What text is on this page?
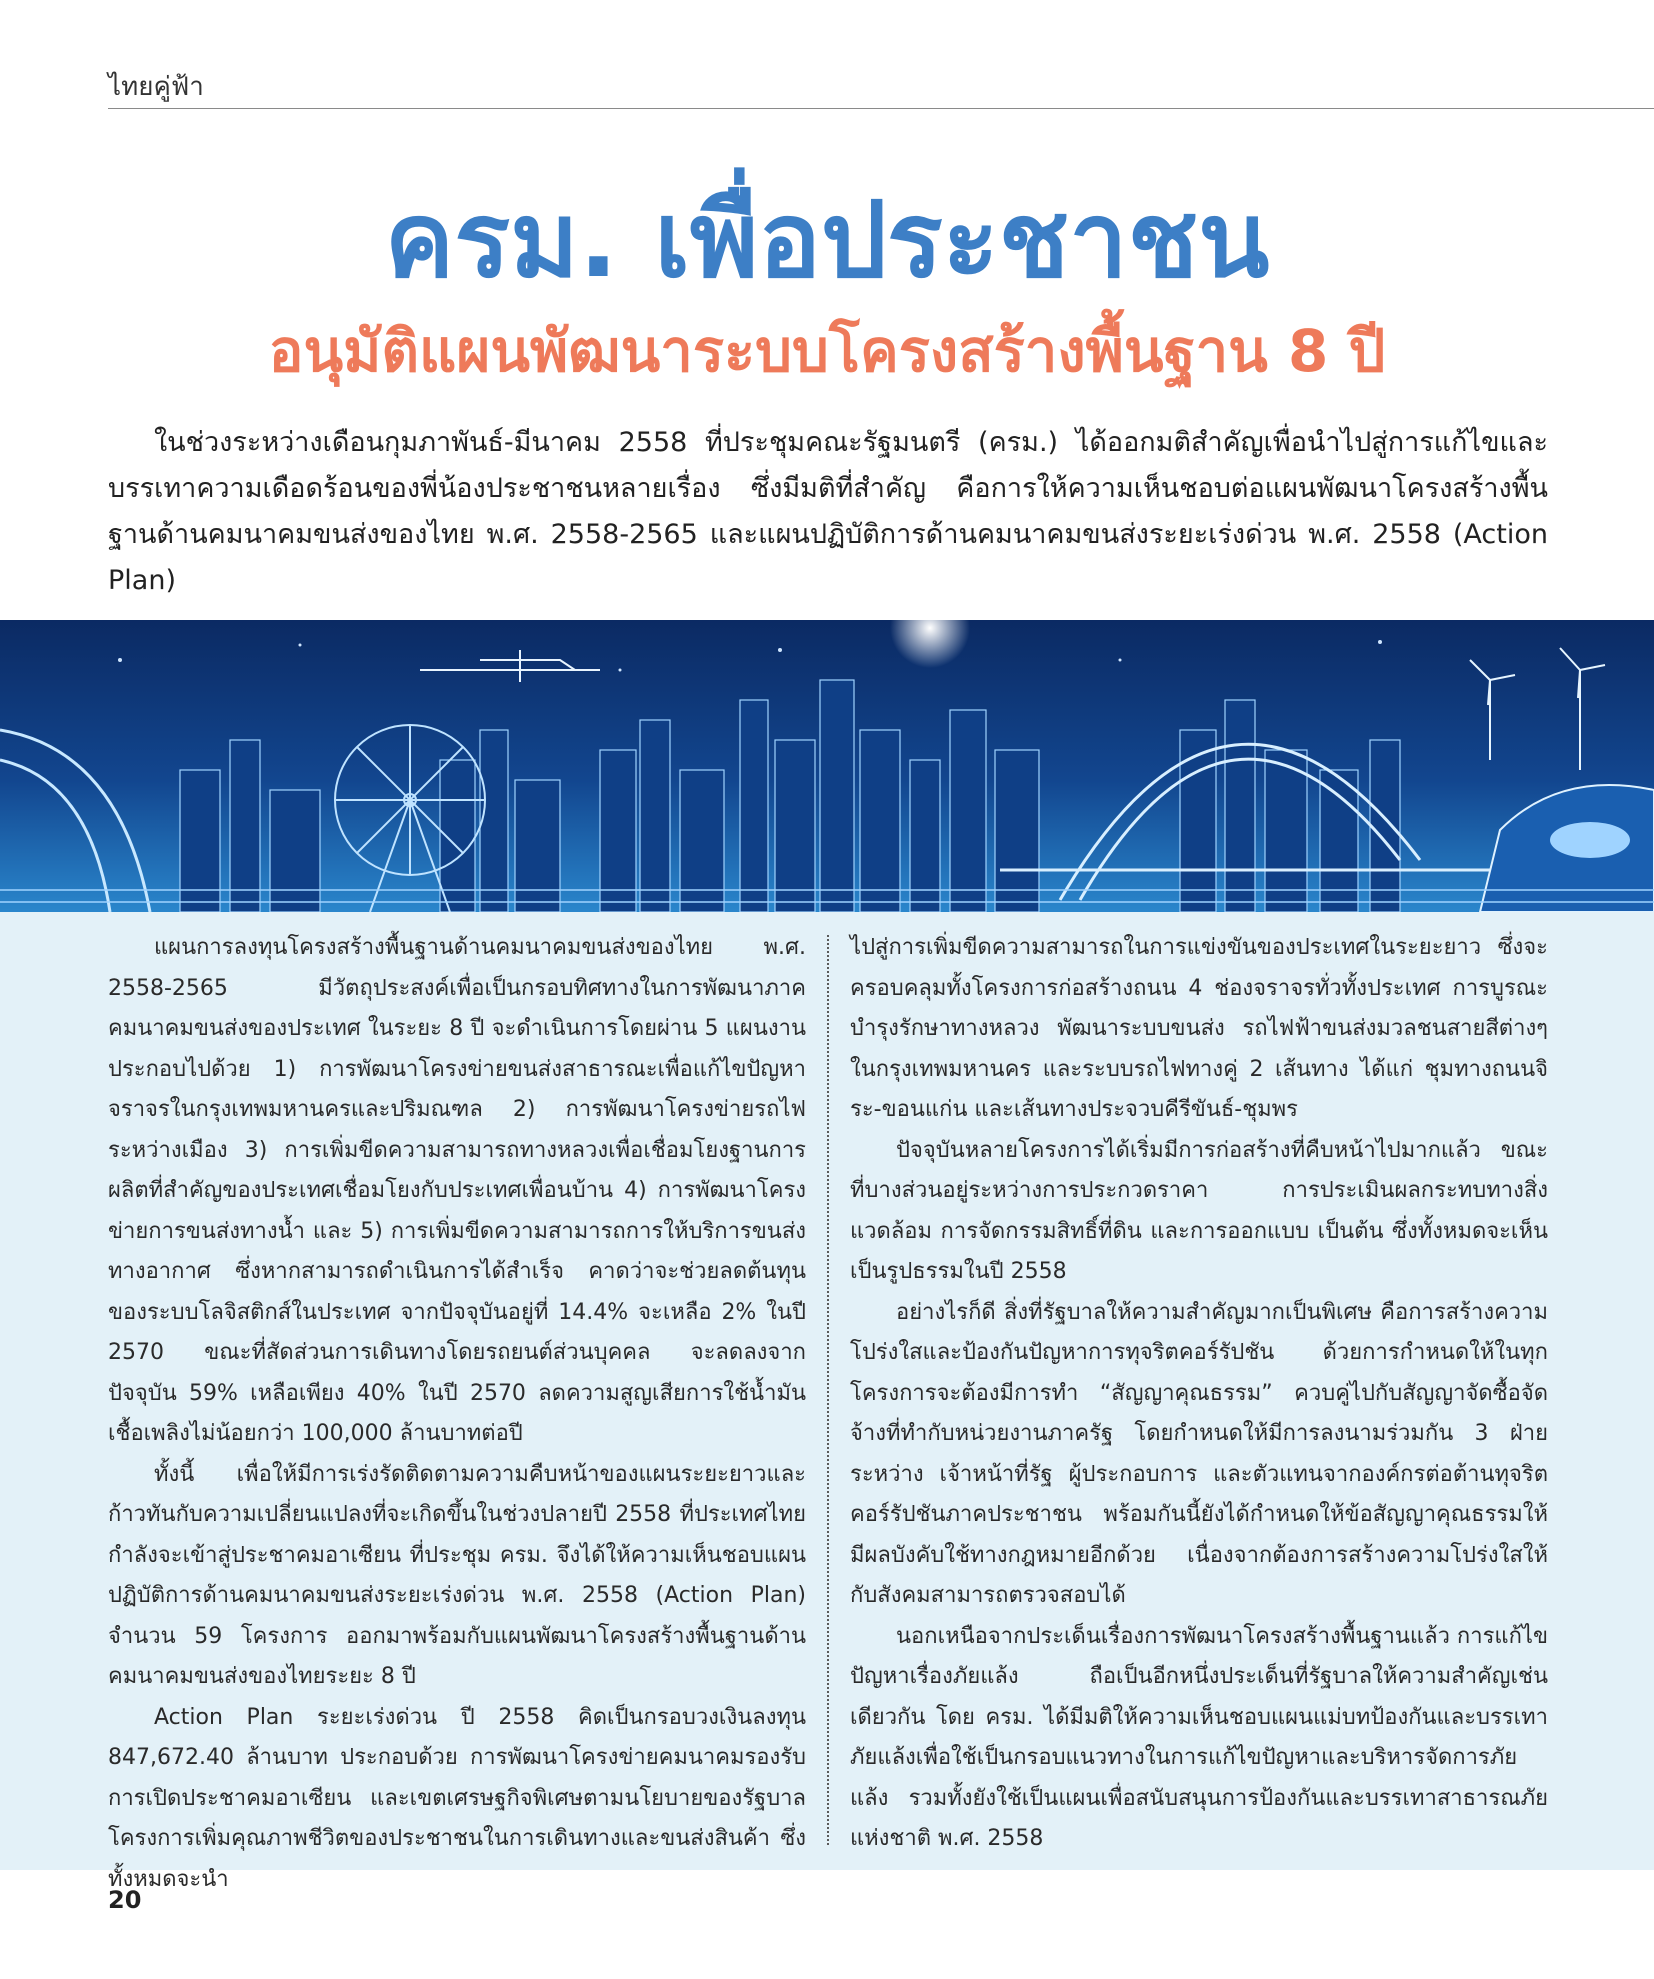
ไทยคู่ฟ้า
ครม. เพื่อประชาชน
อนุมัติแผนพัฒนาระบบโครงสร้างพื้นฐาน 8 ปี

ในช่วงระหว่างเดือนกุมภาพันธ์-มีนาคม 2558 ที่ประชุมคณะรัฐมนตรี (ครม.) ได้ออกมติสำคัญเพื่อนำไปสู่การแก้ไขและบรรเทาความเดือดร้อนของพี่น้องประชาชนหลายเรื่อง ซึ่งมีมติที่สำคัญ คือการให้ความเห็นชอบต่อแผนพัฒนาโครงสร้างพื้นฐานด้านคมนาคมขนส่งของไทย พ.ศ. 2558-2565 และแผนปฏิบัติการด้านคมนาคมขนส่งระยะเร่งด่วน พ.ศ. 2558 (Action Plan)

แผนการลงทุนโครงสร้างพื้นฐานด้านคมนาคมขนส่งของไทย พ.ศ. 2558-2565 มีวัตถุประสงค์เพื่อเป็นกรอบทิศทางในการพัฒนาภาคคมนาคมขนส่งของประเทศ ในระยะ 8 ปี จะดำเนินการโดยผ่าน 5 แผนงาน ประกอบไปด้วย 1) การพัฒนาโครงข่ายขนส่งสาธารณะเพื่อแก้ไขปัญหาจราจรในกรุงเทพมหานครและปริมณฑล 2) การพัฒนาโครงข่ายรถไฟระหว่างเมือง 3) การเพิ่มขีดความสามารถทางหลวงเพื่อเชื่อมโยงฐานการผลิตที่สำคัญของประเทศเชื่อมโยงกับประเทศเพื่อนบ้าน 4) การพัฒนาโครงข่ายการขนส่งทางน้ำ และ 5) การเพิ่มขีดความสามารถการให้บริการขนส่งทางอากาศ ซึ่งหากสามารถดำเนินการได้สำเร็จ คาดว่าจะช่วยลดต้นทุนของระบบโลจิสติกส์ในประเทศ จากปัจจุบันอยู่ที่ 14.4% จะเหลือ 2% ในปี 2570 ขณะที่สัดส่วนการเดินทางโดยรถยนต์ส่วนบุคคล จะลดลงจากปัจจุบัน 59% เหลือเพียง 40% ในปี 2570 ลดความสูญเสียการใช้น้ำมันเชื้อเพลิงไม่น้อยกว่า 100,000 ล้านบาทต่อปี

ทั้งนี้ เพื่อให้มีการเร่งรัดติดตามความคืบหน้าของแผนระยะยาวและก้าวทันกับความเปลี่ยนแปลงที่จะเกิดขึ้นในช่วงปลายปี 2558 ที่ประเทศไทยกำลังจะเข้าสู่ประชาคมอาเซียน ที่ประชุม ครม. จึงได้ให้ความเห็นชอบแผนปฏิบัติการด้านคมนาคมขนส่งระยะเร่งด่วน พ.ศ. 2558 (Action Plan) จำนวน 59 โครงการ ออกมาพร้อมกับแผนพัฒนาโครงสร้างพื้นฐานด้านคมนาคมขนส่งของไทยระยะ 8 ปี

Action Plan ระยะเร่งด่วน ปี 2558 คิดเป็นกรอบวงเงินลงทุน 847,672.40 ล้านบาท ประกอบด้วย การพัฒนาโครงข่ายคมนาคมรองรับการเปิดประชาคมอาเซียน และเขตเศรษฐกิจพิเศษตามนโยบายของรัฐบาล โครงการเพิ่มคุณภาพชีวิตของประชาชนในการเดินทางและขนส่งสินค้า ซึ่งทั้งหมดจะนำ

ไปสู่การเพิ่มขีดความสามารถในการแข่งขันของประเทศในระยะยาว ซึ่งจะครอบคลุมทั้งโครงการก่อสร้างถนน 4 ช่องจราจรทั่วทั้งประเทศ การบูรณะบำรุงรักษาทางหลวง พัฒนาระบบขนส่ง รถไฟฟ้าขนส่งมวลชนสายสีต่างๆ ในกรุงเทพมหานคร และระบบรถไฟทางคู่ 2 เส้นทาง ได้แก่ ชุมทางถนนจิระ-ขอนแก่น และเส้นทางประจวบคีรีขันธ์-ชุมพร

ปัจจุบันหลายโครงการได้เริ่มมีการก่อสร้างที่คืบหน้าไปมากแล้ว ขณะที่บางส่วนอยู่ระหว่างการประกวดราคา การประเมินผลกระทบทางสิ่งแวดล้อม การจัดกรรมสิทธิ์ที่ดิน และการออกแบบ เป็นต้น ซึ่งทั้งหมดจะเห็นเป็นรูปธรรมในปี 2558

อย่างไรก็ดี สิ่งที่รัฐบาลให้ความสำคัญมากเป็นพิเศษ คือการสร้างความโปร่งใสและป้องกันปัญหาการทุจริตคอร์รัปชัน ด้วยการกำหนดให้ในทุกโครงการจะต้องมีการทำ “สัญญาคุณธรรม” ควบคู่ไปกับสัญญาจัดซื้อจัดจ้างที่ทำกับหน่วยงานภาครัฐ โดยกำหนดให้มีการลงนามร่วมกัน 3 ฝ่าย ระหว่าง เจ้าหน้าที่รัฐ ผู้ประกอบการ และตัวแทนจากองค์กรต่อต้านทุจริตคอร์รัปชันภาคประชาชน พร้อมกันนี้ยังได้กำหนดให้ข้อสัญญาคุณธรรมให้มีผลบังคับใช้ทางกฎหมายอีกด้วย เนื่องจากต้องการสร้างความโปร่งใสให้กับสังคมสามารถตรวจสอบได้

นอกเหนือจากประเด็นเรื่องการพัฒนาโครงสร้างพื้นฐานแล้ว การแก้ไขปัญหาเรื่องภัยแล้ง ถือเป็นอีกหนึ่งประเด็นที่รัฐบาลให้ความสำคัญเช่นเดียวกัน โดย ครม. ได้มีมติให้ความเห็นชอบแผนแม่บทป้องกันและบรรเทาภัยแล้งเพื่อใช้เป็นกรอบแนวทางในการแก้ไขปัญหาและบริหารจัดการภัยแล้ง รวมทั้งยังใช้เป็นแผนเพื่อสนับสนุนการป้องกันและบรรเทาสาธารณภัยแห่งชาติ พ.ศ. 2558

20
